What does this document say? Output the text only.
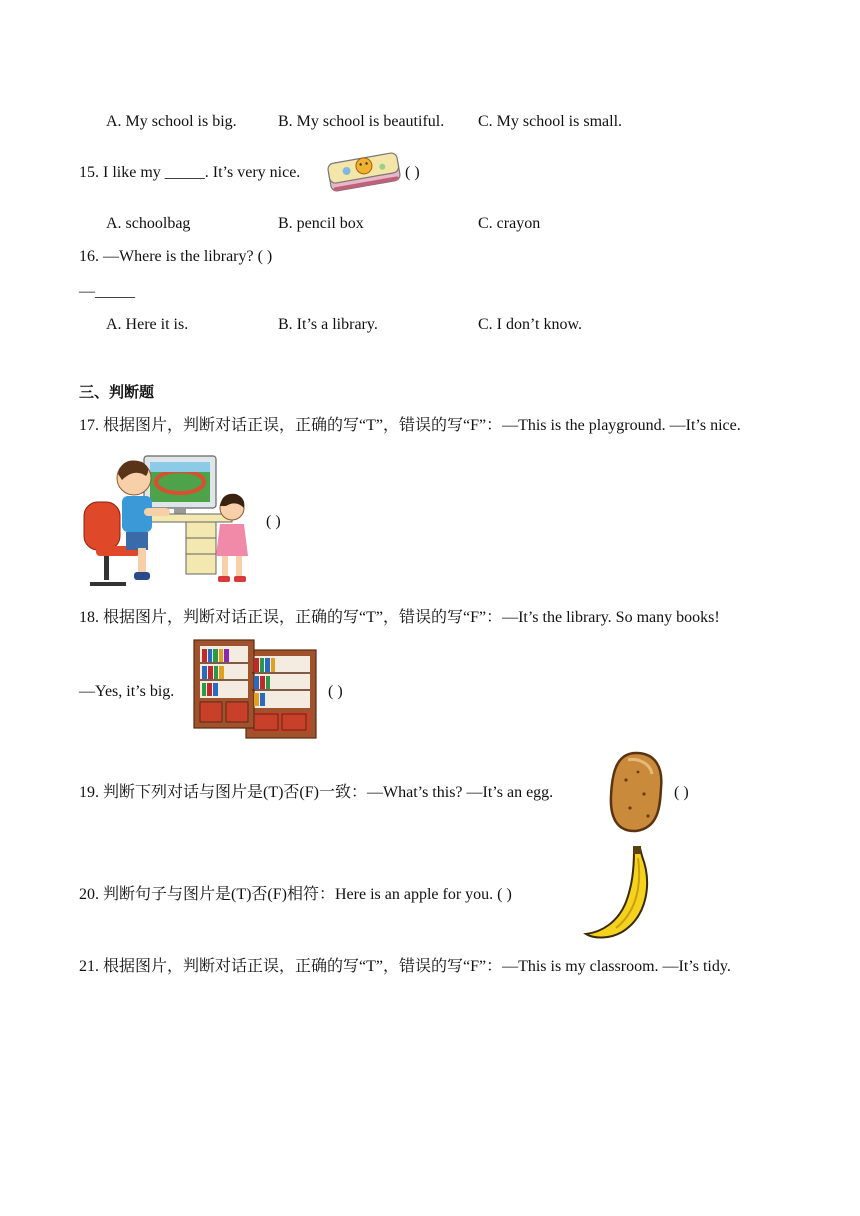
A. My school is big.	B. My school is beautiful. C. My school is small.
15. I like my _____. It’s very nice.	( )
A. schoolbag	B. pencil box	C. crayon
16. —Where is the library? ( )
—_____
A. Here it is.	B. It’s a library.	C. I don’t know.
三、判断题
17. 根据图片，判断对话正误，正确的写“T”，错误的写“F”：—This is the playground. —It’s nice.
( )
18. 根据图片，判断对话正误，正确的写“T”，错误的写“F”：—It’s the library. So many books!
—Yes, it’s big.	( )
19. 判断下列对话与图片是(T)否(F)一致：—What’s this? —It’s an egg.	( )
20. 判断句子与图片是(T)否(F)相符：Here is an apple for you. ( )
21. 根据图片，判断对话正误，正确的写“T”，错误的写“F”：—This is my classroom. —It’s tidy.
